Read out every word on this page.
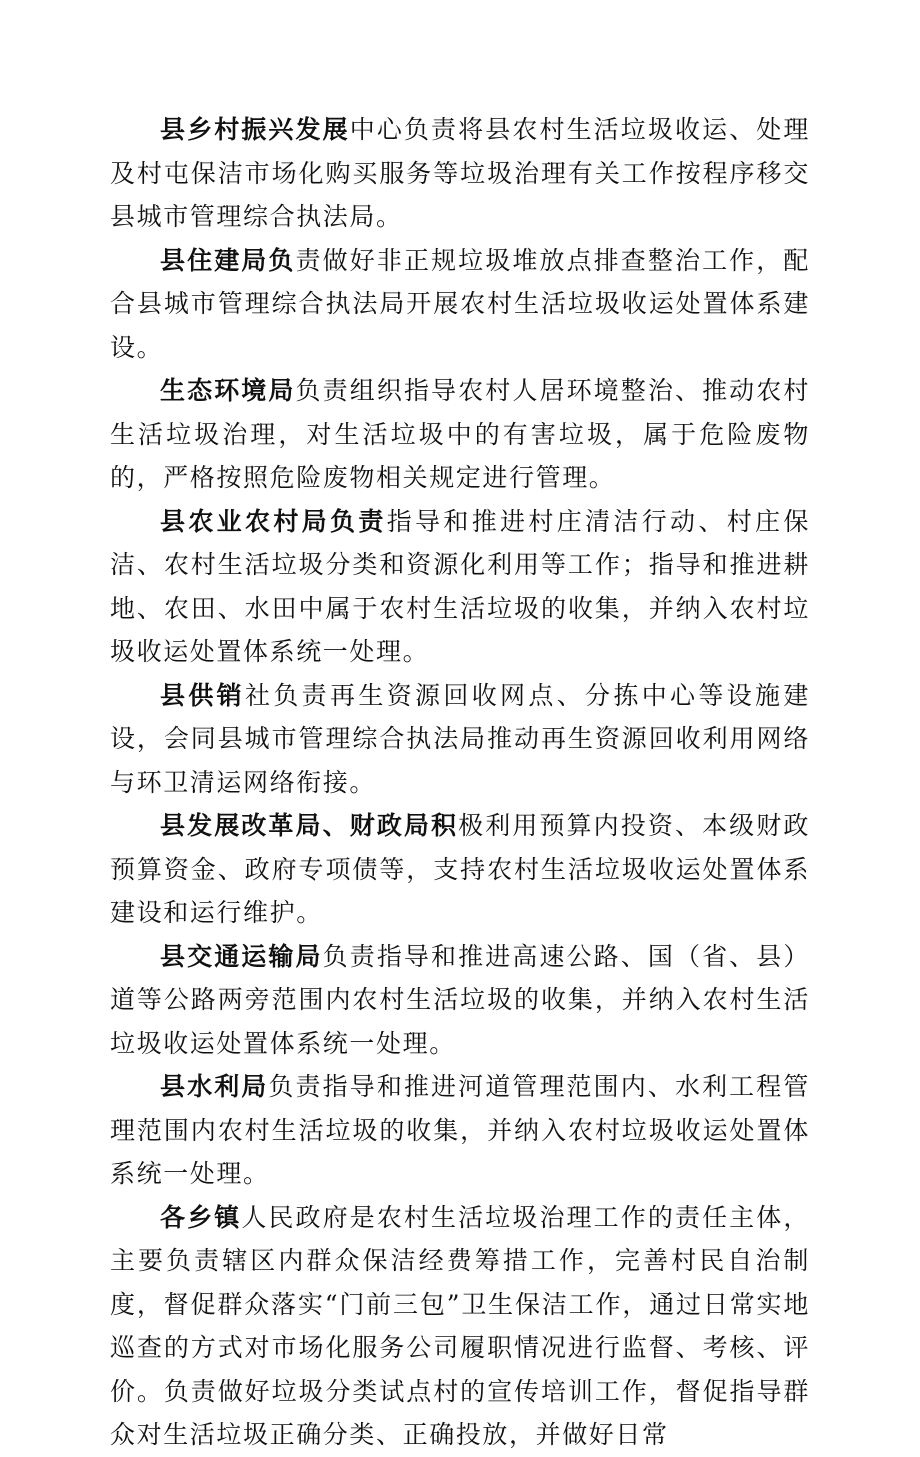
县乡村振兴发展中心负责将县农村生活垃圾收运、处理及村屯保洁市场化购买服务等垃圾治理有关工作按程序移交县城市管理综合执法局。

县住建局负责做好非正规垃圾堆放点排查整治工作，配合县城市管理综合执法局开展农村生活垃圾收运处置体系建设。

生态环境局负责组织指导农村人居环境整治、推动农村生活垃圾治理，对生活垃圾中的有害垃圾，属于危险废物的，严格按照危险废物相关规定进行管理。

县农业农村局负责指导和推进村庄清洁行动、村庄保洁、农村生活垃圾分类和资源化利用等工作；指导和推进耕地、农田、水田中属于农村生活垃圾的收集，并纳入农村垃圾收运处置体系统一处理。

县供销社负责再生资源回收网点、分拣中心等设施建设，会同县城市管理综合执法局推动再生资源回收利用网络与环卫清运网络衔接。

县发展改革局、财政局积极利用预算内投资、本级财政预算资金、政府专项债等，支持农村生活垃圾收运处置体系建设和运行维护。

县交通运输局负责指导和推进高速公路、国（省、县）道等公路两旁范围内农村生活垃圾的收集，并纳入农村生活垃圾收运处置体系统一处理。

县水利局负责指导和推进河道管理范围内、水利工程管理范围内农村生活垃圾的收集，并纳入农村垃圾收运处置体系统一处理。

各乡镇人民政府是农村生活垃圾治理工作的责任主体，主要负责辖区内群众保洁经费筹措工作，完善村民自治制度，督促群众落实“门前三包”卫生保洁工作，通过日常实地巡查的方式对市场化服务公司履职情况进行监督、考核、评价。负责做好垃圾分类试点村的宣传培训工作，督促指导群众对生活垃圾正确分类、正确投放，并做好日常
